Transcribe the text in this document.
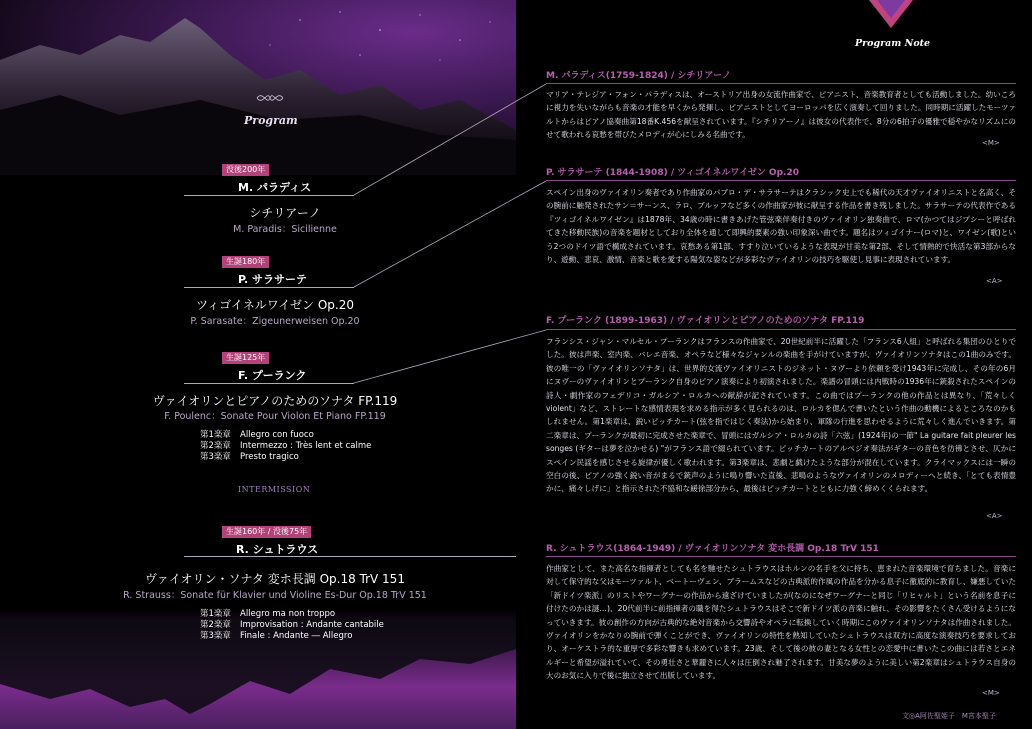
Program
没後200年
M. パラディス
シチリアーノ
M. Paradis：Sicilienne
生誕180年
P. サラサーテ
ツィゴイネルワイゼン Op.20
P. Sarasate：Zigeunerweisen Op.20
生誕125年
F. プーランク
ヴァイオリンとピアノのためのソナタ FP.119
F. Poulenc：Sonate Pour Violon Et Piano FP.119
第1楽章 Allegro con fuoco
第2楽章 Intermezzo : Très lent et calme
第3楽章 Presto tragico
INTERMISSION
生誕160年 / 没後75年
R. シュトラウス
ヴァイオリン・ソナタ 変ホ長調 Op.18 TrV 151
R. Strauss：Sonate für Klavier und Violine Es-Dur Op.18 TrV 151
第1楽章 Allegro ma non troppo
第2楽章 Improvisation : Andante cantabile
第3楽章 Finale : Andante ― Allegro
Program Note
M. パラディス(1759-1824) / シチリアーノ
マリア・テレジア・フォン・パラディスは、オーストリア出身の女流作曲家で、ピアニスト、音楽教育者としても活動しました。幼いころに視力を失いながらも音楽の才能を早くから発揮し、ピアニストとしてヨーロッパを広く演奏して回りました。同時期に活躍したモーツァルトからはピアノ協奏曲第18番K.456を献呈されています。『シチリアーノ』は彼女の代表作で、8分の6拍子の優雅で穏やかなリズムにのせて歌われる哀愁を帯びたメロディが心にしみる名曲です。
<M>
P. サラサーテ (1844-1908) / ツィゴイネルワイゼン Op.20
スペイン出身のヴァイオリン奏者であり作曲家のパブロ・デ・サラサーテはクラシック史上でも稀代の天才ヴァイオリニストと名高く、その腕前に触発されたサン＝サーンス、ラロ、ブルッフなど多くの作曲家が彼に献呈する作品を書き残しました。サラサーテの代表作である『ツィゴイネルワイゼン』は1878年、34歳の時に書きあげた管弦楽伴奏付きのヴァイオリン独奏曲で、ロマ(かつてはジプシーと呼ばれてきた移動民族)の音楽を題材としており全体を通して即興的要素の強い印象深い曲です。題名はツィゴイナー(ロマ)と、ワイゼン(歌)という2つのドイツ語で構成されています。哀愁ある第1部、すすり泣いているような表現が甘美な第2部、そして情熱的で快活な第3部からなり、遊動、悲哀、激情、音楽と歌を愛する陽気な姿などが多彩なヴァイオリンの技巧を駆使し見事に表現されています。
<A>
F. プーランク (1899-1963) / ヴァイオリンとピアノのためのソナタ FP.119
フランシス・ジャン・マルセル・プーランクはフランスの作曲家で、20世紀前半に活躍した「フランス6人組」と呼ばれる集団のひとりでした。彼は声楽、室内楽、バレエ音楽、オペラなど様々なジャンルの楽曲を手がけていますが、ヴァイオリンソナタはこの1曲のみです。彼の唯一の「ヴァイオリンソナタ」は、世界的女流ヴァイオリニストのジネット・ヌヴーより依頼を受け1943年に完成し、その年の6月にヌヴーのヴァイオリンとプーランク自身のピアノ演奏により初演されました。楽譜の冒頭には内戦時の1936年に銃殺されたスペインの詩人・劇作家のフェデリコ・ガルシア・ロルカへの献辞が記されています。この曲ではプーランクの他の作品とは異なり、「荒々しく violent」など、ストレートな感情表現を求める指示が多く見られるのは、ロルカを偲んで書いたという作曲の動機によるところなのかもしれません。第1楽章は、鋭いピッチカート(弦を指ではじく奏法)から始まり、軍隊の行進を思わせるように荒々しく進んでいきます。第二楽章は、プーランクが最初に完成させた楽章で、冒頭にはガルシア・ロルカの詩「六弦」(1924年)の一節" La guitare fait pleurer les songes (ギターは夢を泣かせる) "がフランス語で綴られています。ピッチカートのアルペジオ奏法がギターの音色を彷彿とさせ、仄かにスペイン民謡を感じさせる旋律が優しく歌われます。第3楽章は、悲劇と戯けたような部分が混在しています。クライマックスには一瞬の空白の後、ピアノの強く鋭い音がまるで銃声のように鳴り響いた直後、悲鳴のようなヴァイオリンのメロディーへと続き、「とても表情豊かに、痛々しげに」と指示された不協和な緩徐部分から、最後はピッチカートとともに力強く締めくくられます。
<A>
R. シュトラウス(1864-1949) / ヴァイオリンソナタ 変ホ長調 Op.18 TrV 151
作曲家として、また高名な指揮者としても名を馳せたシュトラウスはホルンの名手を父に持ち、恵まれた音楽環境で育ちました。音楽に対して保守的な父はモーツァルト、ベートーヴェン、ブラームスなどの古典派的作風の作品を分かる息子に徹底的に教育し、嫌悪していた「新ドイツ楽派」のリストやワーグナーの作品から遠ざけていましたが(なのになぜワーグナーと同じ「リヒャルト」という名前を息子に付けたのかは謎…)、20代前半に前指揮者の職を得たシュトラウスはそこで新ドイツ派の音楽に触れ、その影響をたくさん受けるようになっていきます。彼の創作の方向が古典的な絶対音楽から交響詩やオペラに転換していく時期にこのヴァイオリンソナタは作曲されました。ヴァイオリンをかなりの腕前で弾くことができ、ヴァイオリンの特性を熟知していたシュトラウスは双方に高度な演奏技巧を要求しており、オーケストラ的な重厚で多彩な響きも求めています。23歳、そして後の彼の妻となる女性との恋愛中に書いたこの曲には若さとエネルギーと希望が溢れていて、その勇壮さと華麗さに人々は圧倒され魅了されます。甘美な夢のように美しい第2楽章はシュトラウス自身の大のお気に入りで後に独立させて出版しています。
<M>
文◎A阿佐聖姫子　M宮本聖子
